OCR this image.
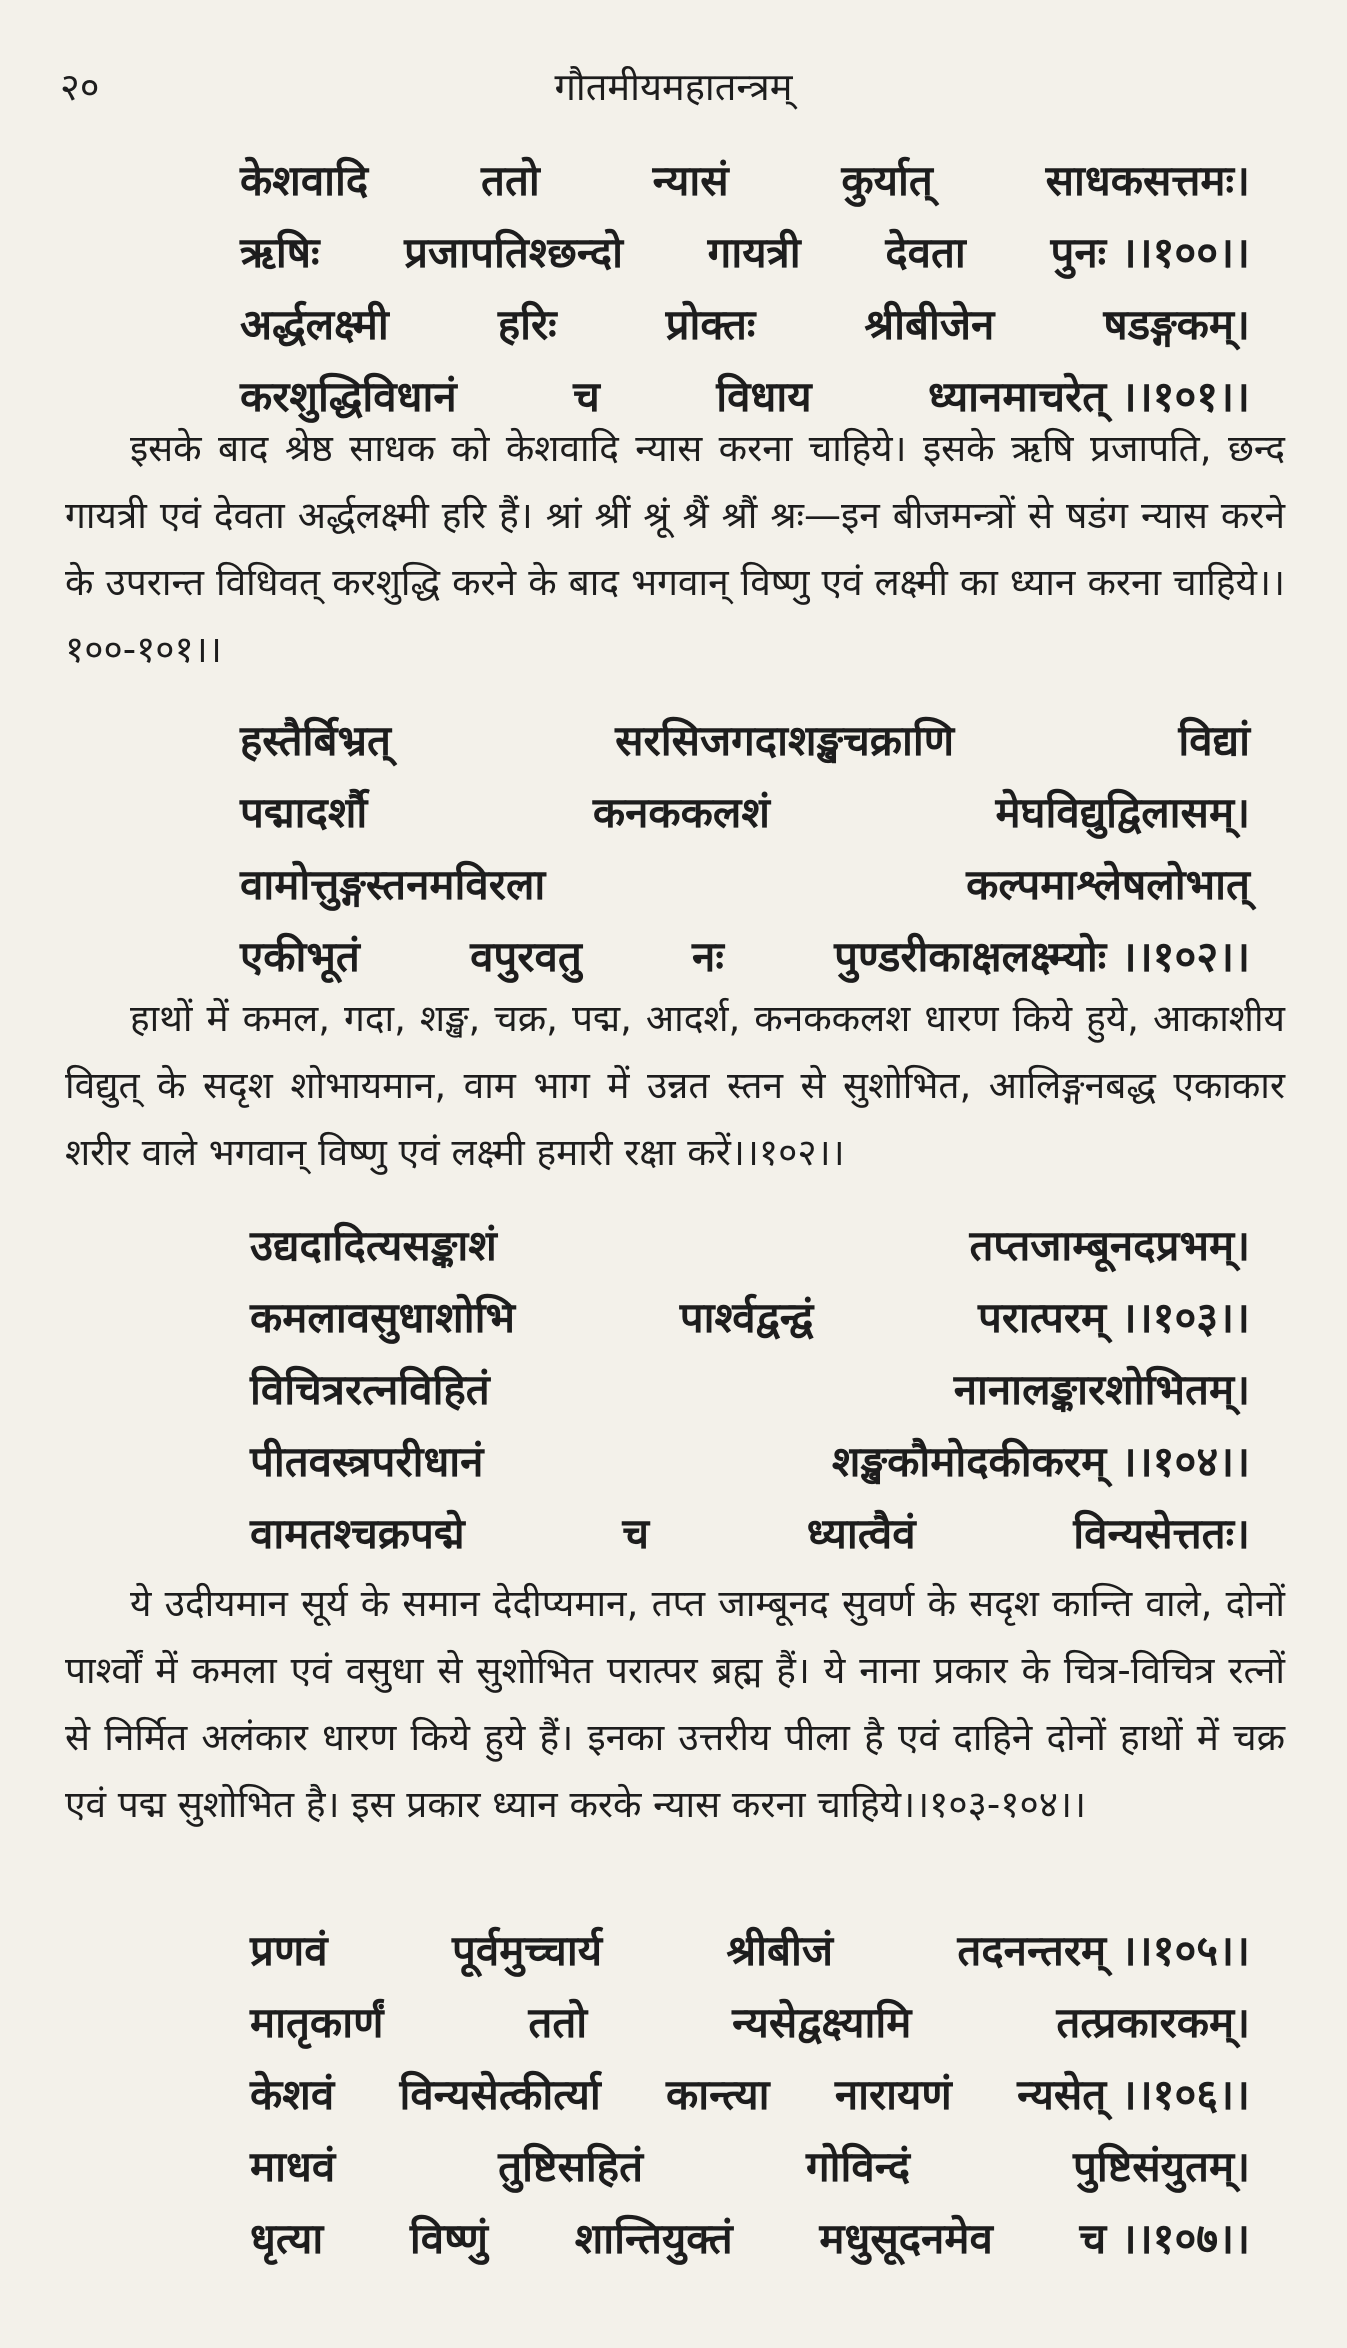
२०	गौतमीयमहातन्त्रम्
केशवादि	ततो	न्यासं	कुर्यात्	साधकसत्तमः।
ऋषिः प्रजापतिश्छन्दो गायत्री देवता पुनः ।।१००।।
अर्द्धलक्ष्मी	हरिः	प्रोक्तः	श्रीबीजेन	षडङ्गकम्।
करशुद्धिविधानं	च	विधाय	ध्यानमाचरेत् ।।१०१।।

इसके बाद श्रेष्ठ साधक को केशवादि न्यास करना चाहिये। इसके ऋषि प्रजापति, छन्द गायत्री एवं देवता अर्द्धलक्ष्मी हरि हैं। श्रां श्रीं श्रूं श्रैं श्रौं श्रः—इन बीजमन्त्रों से षडंग न्यास करने के उपरान्त विधिवत् करशुद्धि करने के बाद भगवान् विष्णु एवं लक्ष्मी का ध्यान करना चाहिये।।१००-१०१।।

हस्तैर्बिभ्रत्	सरसिजगदाशङ्खचक्राणि	विद्यां
पद्मादर्शौ	कनककलशं	मेघविद्युद्विलासम्।
वामोत्तुङ्गस्तनमविरला	कल्पमाश्लेषलोभात्
एकीभूतं	वपुरवतु	नः	पुण्डरीकाक्षलक्ष्म्योः ।।१०२।।

हाथों में कमल, गदा, शङ्ख, चक्र, पद्म, आदर्श, कनककलश धारण किये हुये, आकाशीय विद्युत् के सदृश शोभायमान, वाम भाग में उन्नत स्तन से सुशोभित, आलिङ्गनबद्ध एकाकार शरीर वाले भगवान् विष्णु एवं लक्ष्मी हमारी रक्षा करें।।१०२।।

उद्यदादित्यसङ्काशं	तप्तजाम्बूनदप्रभम्।
कमलावसुधाशोभि	पार्श्वद्वन्द्वं	परात्परम् ।।१०३।।
विचित्ररत्नविहितं	नानालङ्कारशोभितम्।
पीतवस्त्रपरीधानं	शङ्खकौमोदकीकरम् ।।१०४।।
वामतश्चक्रपद्मे	च	ध्यात्वैवं	विन्यसेत्ततः।

ये उदीयमान सूर्य के समान देदीप्यमान, तप्त जाम्बूनद सुवर्ण के सदृश कान्ति वाले, दोनों पार्श्वों में कमला एवं वसुधा से सुशोभित परात्पर ब्रह्म हैं। ये नाना प्रकार के चित्र-विचित्र रत्नों से निर्मित अलंकार धारण किये हुये हैं। इनका उत्तरीय पीला है एवं दाहिने दोनों हाथों में चक्र एवं पद्म सुशोभित है। इस प्रकार ध्यान करके न्यास करना चाहिये।।१०३-१०४।।

प्रणवं	पूर्वमुच्चार्य	श्रीबीजं	तदनन्तरम् ।।१०५।।
मातृकार्णं	ततो	न्यसेद्वक्ष्यामि	तत्प्रकारकम्।
केशवं विन्यसेत्कीर्त्या कान्त्या नारायणं न्यसेत् ।।१०६।।
माधवं	तुष्टिसहितं	गोविन्दं	पुष्टिसंयुतम्।
धृत्या विष्णुं शान्तियुक्तं मधुसूदनमेव च ।।१०७।।
